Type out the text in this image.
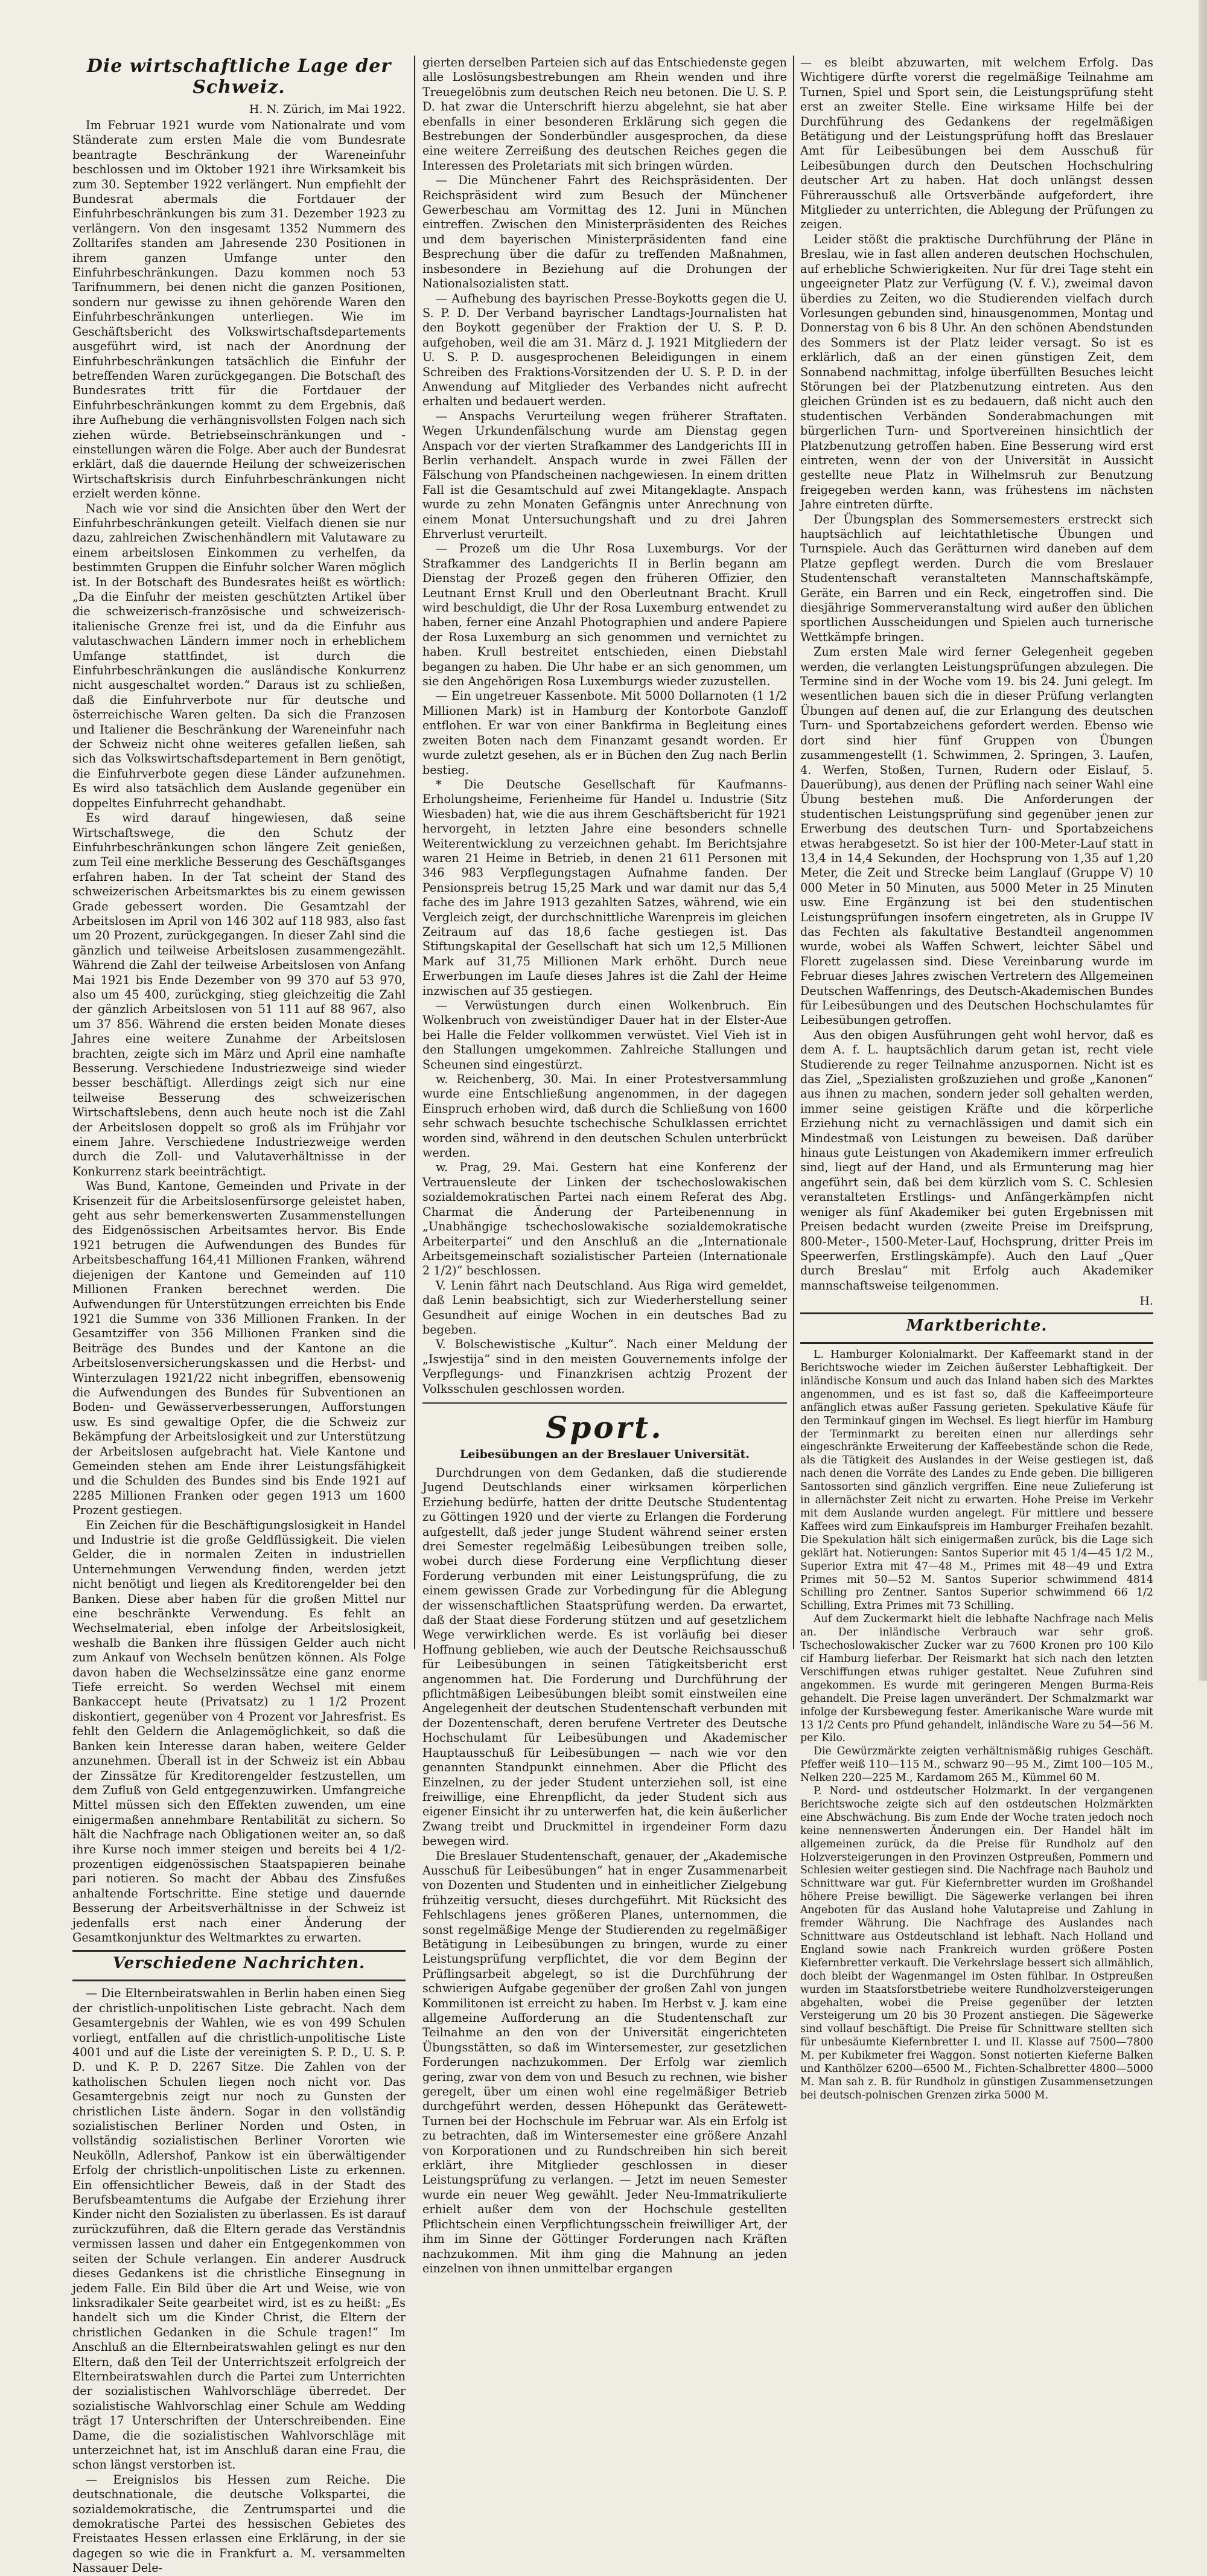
Die wirtschaftliche Lage der Schweiz.
H. N. Zürich, im Mai 1922.

Im Februar 1921 wurde vom Nationalrate und vom Ständerate zum ersten Male die vom Bundesrate beantragte Beschränkung der Wareneinfuhr beschlossen und im Oktober 1921 ihre Wirksamkeit bis zum 30. September 1922 verlängert. Nun empfiehlt der Bundesrat abermals die Fortdauer der Einfuhrbeschränkungen bis zum 31. Dezember 1923 zu verlängern. Von den insgesamt 1352 Nummern des Zolltarifes standen am Jahresende 230 Positionen in ihrem ganzen Umfange unter den Einfuhrbeschränkungen. Dazu kommen noch 53 Tarifnummern, bei denen nicht die ganzen Positionen, sondern nur gewisse zu ihnen gehörende Waren den Einfuhrbeschränkungen unterliegen. Wie im Geschäftsbericht des Volkswirtschaftsdepartements ausgeführt wird, ist nach der Anordnung der Einfuhrbeschränkungen tatsächlich die Einfuhr der betreffenden Waren zurückgegangen. Die Botschaft des Bundesrates tritt für die Fortdauer der Einfuhrbeschränkungen kommt zu dem Ergebnis, daß ihre Aufhebung die verhängnisvollsten Folgen nach sich ziehen würde. Betriebseinschränkungen und -einstellungen wären die Folge. Aber auch der Bundesrat erklärt, daß die dauernde Heilung der schweizerischen Wirtschaftskrisis durch Einfuhrbeschränkungen nicht erzielt werden könne.

Nach wie vor sind die Ansichten über den Wert der Einfuhrbeschränkungen geteilt. Vielfach dienen sie nur dazu, zahlreichen Zwischenhändlern mit Valutaware zu einem arbeitslosen Einkommen zu verhelfen, da bestimmten Gruppen die Einfuhr solcher Waren möglich ist. In der Botschaft des Bundesrates heißt es wörtlich: „Da die Einfuhr der meisten geschützten Artikel über die schweizerisch-französische und schweizerisch-italienische Grenze frei ist, und da die Einfuhr aus valutaschwachen Ländern immer noch in erheblichem Umfange stattfindet, ist durch die Einfuhrbeschränkungen die ausländische Konkurrenz nicht ausgeschaltet worden.“ Daraus ist zu schließen, daß die Einfuhrverbote nur für deutsche und österreichische Waren gelten. Da sich die Franzosen und Italiener die Beschränkung der Wareneinfuhr nach der Schweiz nicht ohne weiteres gefallen ließen, sah sich das Volkswirtschaftsdepartement in Bern genötigt, die Einfuhrverbote gegen diese Länder aufzunehmen. Es wird also tatsächlich dem Auslande gegenüber ein doppeltes Einfuhrrecht gehandhabt.

Es wird darauf hingewiesen, daß seine Wirtschaftswege, die den Schutz der Einfuhrbeschränkungen schon längere Zeit genießen, zum Teil eine merkliche Besserung des Geschäftsganges erfahren haben. In der Tat scheint der Stand des schweizerischen Arbeitsmarktes bis zu einem gewissen Grade gebessert worden. Die Gesamtzahl der Arbeitslosen im April von 146 302 auf 118 983, also fast um 20 Prozent, zurückgegangen. In dieser Zahl sind die gänzlich und teilweise Arbeitslosen zusammengezählt. Während die Zahl der teilweise Arbeitslosen von Anfang Mai 1921 bis Ende Dezember von 99 370 auf 53 970, also um 45 400, zurückging, stieg gleichzeitig die Zahl der gänzlich Arbeitslosen von 51 111 auf 88 967, also um 37 856. Während die ersten beiden Monate dieses Jahres eine weitere Zunahme der Arbeitslosen brachten, zeigte sich im März und April eine namhafte Besserung. Verschiedene Industriezweige sind wieder besser beschäftigt. Allerdings zeigt sich nur eine teilweise Besserung des schweizerischen Wirtschaftslebens, denn auch heute noch ist die Zahl der Arbeitslosen doppelt so groß als im Frühjahr vor einem Jahre. Verschiedene Industriezweige werden durch die Zoll- und Valutaverhältnisse in der Konkurrenz stark beeinträchtigt.

Was Bund, Kantone, Gemeinden und Private in der Krisenzeit für die Arbeitslosenfürsorge geleistet haben, geht aus sehr bemerkenswerten Zusammenstellungen des Eidgenössischen Arbeitsamtes hervor. Bis Ende 1921 betrugen die Aufwendungen des Bundes für Arbeitsbeschaffung 164,41 Millionen Franken, während diejenigen der Kantone und Gemeinden auf 110 Millionen Franken berechnet werden. Die Aufwendungen für Unterstützungen erreichten bis Ende 1921 die Summe von 336 Millionen Franken. In der Gesamtziffer von 356 Millionen Franken sind die Beiträge des Bundes und der Kantone an die Arbeitslosenversicherungskassen und die Herbst- und Winterzulagen 1921/22 nicht inbegriffen, ebensowenig die Aufwendungen des Bundes für Subventionen an Boden- und Gewässerverbesserungen, Aufforstungen usw. Es sind gewaltige Opfer, die die Schweiz zur Bekämpfung der Arbeitslosigkeit und zur Unterstützung der Arbeitslosen aufgebracht hat. Viele Kantone und Gemeinden stehen am Ende ihrer Leistungsfähigkeit und die Schulden des Bundes sind bis Ende 1921 auf 2285 Millionen Franken oder gegen 1913 um 1600 Prozent gestiegen.

Ein Zeichen für die Beschäftigungslosigkeit in Handel und Industrie ist die große Geldflüssigkeit. Die vielen Gelder, die in normalen Zeiten in industriellen Unternehmungen Verwendung finden, werden jetzt nicht benötigt und liegen als Kreditorengelder bei den Banken. Diese aber haben für die großen Mittel nur eine beschränkte Verwendung. Es fehlt an Wechselmaterial, eben infolge der Arbeitslosigkeit, weshalb die Banken ihre flüssigen Gelder auch nicht zum Ankauf von Wechseln benützen können. Als Folge davon haben die Wechselzinssätze eine ganz enorme Tiefe erreicht. So werden Wechsel mit einem Bankaccept heute (Privatsatz) zu 1 1/2 Prozent diskontiert, gegenüber von 4 Prozent vor Jahresfrist. Es fehlt den Geldern die Anlagemöglichkeit, so daß die Banken kein Interesse daran haben, weitere Gelder anzunehmen. Überall ist in der Schweiz ist ein Abbau der Zinssätze für Kreditorengelder festzustellen, um dem Zufluß von Geld entgegenzuwirken. Umfangreiche Mittel müssen sich den Effekten zuwenden, um eine einigermaßen annehmbare Rentabilität zu sichern. So hält die Nachfrage nach Obligationen weiter an, so daß ihre Kurse noch immer steigen und bereits bei 4 1/2-prozentigen eidgenössischen Staatspapieren beinahe pari notieren. So macht der Abbau des Zinsfußes anhaltende Fortschritte. Eine stetige und dauernde Besserung der Arbeitsverhältnisse in der Schweiz ist jedenfalls erst nach einer Änderung der Gesamtkonjunktur des Weltmarktes zu erwarten.

Verschiedene Nachrichten.

— Die Elternbeiratswahlen in Berlin haben einen Sieg der christlich-unpolitischen Liste gebracht. Nach dem Gesamtergebnis der Wahlen, wie es von 499 Schulen vorliegt, entfallen auf die christlich-unpolitische Liste 4001 und auf die Liste der vereinigten S. P. D., U. S. P. D. und K. P. D. 2267 Sitze. Die Zahlen von der katholischen Schulen liegen noch nicht vor. Das Gesamtergebnis zeigt nur noch zu Gunsten der christlichen Liste ändern. Sogar in den vollständig sozialistischen Berliner Norden und Osten, in vollständig sozialistischen Berliner Vororten wie Neukölln, Adlershof, Pankow ist ein überwältigender Erfolg der christlich-unpolitischen Liste zu erkennen. Ein offensichtlicher Beweis, daß in der Stadt des Berufsbeamtentums die Aufgabe der Erziehung ihrer Kinder nicht den Sozialisten zu überlassen. Es ist darauf zurückzuführen, daß die Eltern gerade das Verständnis vermissen lassen und daher ein Entgegenkommen von seiten der Schule verlangen. Ein anderer Ausdruck dieses Gedankens ist die christliche Einsegnung in jedem Falle. Ein Bild über die Art und Weise, wie von linksradikaler Seite gearbeitet wird, ist es zu heißt: „Es handelt sich um die Kinder Christ, die Eltern der christlichen Gedanken in die Schule tragen!“ Im Anschluß an die Elternbeiratswahlen gelingt es nur den Eltern, daß den Teil der Unterrichtszeit erfolgreich der Elternbeiratswahlen durch die Partei zum Unterrichten der sozialistischen Wahlvorschläge überredet. Der sozialistische Wahlvorschlag einer Schule am Wedding trägt 17 Unterschriften der Unterschreibenden. Eine Dame, die die sozialistischen Wahlvorschläge mit unterzeichnet hat, ist im Anschluß daran eine Frau, die schon längst verstorben ist.

— Ereignislos bis Hessen zum Reiche. Die deutschnationale, die deutsche Volkspartei, die sozialdemokratische, die Zentrumspartei und die demokratische Partei des hessischen Gebietes des Freistaates Hessen erlassen eine Erklärung, in der sie dagegen so wie die in Frankfurt a. M. versammelten Nassauer Dele-

gierten derselben Parteien sich auf das Entschiedenste gegen alle Loslösungsbestrebungen am Rhein wenden und ihre Treuegelöbnis zum deutschen Reich neu betonen. Die U. S. P. D. hat zwar die Unterschrift hierzu abgelehnt, sie hat aber ebenfalls in einer besonderen Erklärung sich gegen die Bestrebungen der Sonderbündler ausgesprochen, da diese eine weitere Zerreißung des deutschen Reiches gegen die Interessen des Proletariats mit sich bringen würden.

— Die Münchener Fahrt des Reichspräsidenten. Der Reichspräsident wird zum Besuch der Münchener Gewerbeschau am Vormittag des 12. Juni in München eintreffen. Zwischen den Ministerpräsidenten des Reiches und dem bayerischen Ministerpräsidenten fand eine Besprechung über die dafür zu treffenden Maßnahmen, insbesondere in Beziehung auf die Drohungen der Nationalsozialisten statt.

— Aufhebung des bayrischen Presse-Boykotts gegen die U. S. P. D. Der Verband bayrischer Landtags-Journalisten hat den Boykott gegenüber der Fraktion der U. S. P. D. aufgehoben, weil die am 31. März d. J. 1921 Mitgliedern der U. S. P. D. ausgesprochenen Beleidigungen in einem Schreiben des Fraktions-Vorsitzenden der U. S. P. D. in der Anwendung auf Mitglieder des Verbandes nicht aufrecht erhalten und bedauert werden.

— Anspachs Verurteilung wegen früherer Straftaten. Wegen Urkundenfälschung wurde am Dienstag gegen Anspach vor der vierten Strafkammer des Landgerichts III in Berlin verhandelt. Anspach wurde in zwei Fällen der Fälschung von Pfandscheinen nachgewiesen. In einem dritten Fall ist die Gesamtschuld auf zwei Mitangeklagte. Anspach wurde zu zehn Monaten Gefängnis unter Anrechnung von einem Monat Untersuchungshaft und zu drei Jahren Ehrverlust verurteilt.

— Prozeß um die Uhr Rosa Luxemburgs. Vor der Strafkammer des Landgerichts II in Berlin begann am Dienstag der Prozeß gegen den früheren Offizier, den Leutnant Ernst Krull und den Oberleutnant Bracht. Krull wird beschuldigt, die Uhr der Rosa Luxemburg entwendet zu haben, ferner eine Anzahl Photographien und andere Papiere der Rosa Luxemburg an sich genommen und vernichtet zu haben. Krull bestreitet entschieden, einen Diebstahl begangen zu haben. Die Uhr habe er an sich genommen, um sie den Angehörigen Rosa Luxemburgs wieder zuzustellen.

— Ein ungetreuer Kassenbote. Mit 5000 Dollarnoten (1 1/2 Millionen Mark) ist in Hamburg der Kontorbote Ganzloff entflohen. Er war von einer Bankfirma in Begleitung eines zweiten Boten nach dem Finanzamt gesandt worden. Er wurde zuletzt gesehen, als er in Büchen den Zug nach Berlin bestieg.

* Die Deutsche Gesellschaft für Kaufmanns-Erholungsheime, Ferienheime für Handel u. Industrie (Sitz Wiesbaden) hat, wie die aus ihrem Geschäftsbericht für 1921 hervorgeht, in letzten Jahre eine besonders schnelle Weiterentwicklung zu verzeichnen gehabt. Im Berichtsjahre waren 21 Heime in Betrieb, in denen 21 611 Personen mit 346 983 Verpflegungstagen Aufnahme fanden. Der Pensionspreis betrug 15,25 Mark und war damit nur das 5,4 fache des im Jahre 1913 gezahlten Satzes, während, wie ein Vergleich zeigt, der durchschnittliche Warenpreis im gleichen Zeitraum auf das 18,6 fache gestiegen ist. Das Stiftungskapital der Gesellschaft hat sich um 12,5 Millionen Mark auf 31,75 Millionen Mark erhöht. Durch neue Erwerbungen im Laufe dieses Jahres ist die Zahl der Heime inzwischen auf 35 gestiegen.

— Verwüstungen durch einen Wolkenbruch. Ein Wolkenbruch von zweistündiger Dauer hat in der Elster-Aue bei Halle die Felder vollkommen verwüstet. Viel Vieh ist in den Stallungen umgekommen. Zahlreiche Stallungen und Scheunen sind eingestürzt.

w. Reichenberg, 30. Mai. In einer Protestversammlung wurde eine Entschließung angenommen, in der dagegen Einspruch erhoben wird, daß durch die Schließung von 1600 sehr schwach besuchte tschechische Schulklassen errichtet worden sind, während in den deutschen Schulen unterbrückt werden.

w. Prag, 29. Mai. Gestern hat eine Konferenz der Vertrauensleute der Linken der tschechoslowakischen sozialdemokratischen Partei nach einem Referat des Abg. Charmat die Änderung der Parteibenennung in „Unabhängige tschechoslowakische sozialdemokratische Arbeiterpartei“ und den Anschluß an die „Internationale Arbeitsgemeinschaft sozialistischer Parteien (Internationale 2 1/2)“ beschlossen.

V. Lenin fährt nach Deutschland. Aus Riga wird gemeldet, daß Lenin beabsichtigt, sich zur Wiederherstellung seiner Gesundheit auf einige Wochen in ein deutsches Bad zu begeben.

V. Bolschewistische „Kultur“. Nach einer Meldung der „Iswjestija“ sind in den meisten Gouvernements infolge der Verpflegungs- und Finanzkrisen achtzig Prozent der Volksschulen geschlossen worden.

Sport.
Leibesübungen an der Breslauer Universität.

Durchdrungen von dem Gedanken, daß die studierende Jugend Deutschlands einer wirksamen körperlichen Erziehung bedürfe, hatten der dritte Deutsche Studententag zu Göttingen 1920 und der vierte zu Erlangen die Forderung aufgestellt, daß jeder junge Student während seiner ersten drei Semester regelmäßig Leibesübungen treiben solle, wobei durch diese Forderung eine Verpflichtung dieser Forderung verbunden mit einer Leistungsprüfung, die zu einem gewissen Grade zur Vorbedingung für die Ablegung der wissenschaftlichen Staatsprüfung werden. Da erwartet, daß der Staat diese Forderung stützen und auf gesetzlichem Wege verwirklichen werde. Es ist vorläufig bei dieser Hoffnung geblieben, wie auch der Deutsche Reichsausschuß für Leibesübungen in seinen Tätigkeitsbericht erst angenommen hat. Die Forderung und Durchführung der pflichtmäßigen Leibesübungen bleibt somit einstweilen eine Angelegenheit der deutschen Studentenschaft verbunden mit der Dozentenschaft, deren berufene Vertreter des Deutsche Hochschulamt für Leibesübungen und Akademischer Hauptausschuß für Leibesübungen — nach wie vor den genannten Standpunkt einnehmen. Aber die Pflicht des Einzelnen, zu der jeder Student unterziehen soll, ist eine freiwillige, eine Ehrenpflicht, da jeder Student sich aus eigener Einsicht ihr zu unterwerfen hat, die kein äußerlicher Zwang treibt und Druckmittel in irgendeiner Form dazu bewegen wird.

Die Breslauer Studentenschaft, genauer, der „Akademische Ausschuß für Leibesübungen“ hat in enger Zusammenarbeit von Dozenten und Studenten und in einheitlicher Zielgebung frühzeitig versucht, dieses durchgeführt. Mit Rücksicht des Fehlschlagens jenes größeren Planes, unternommen, die sonst regelmäßige Menge der Studierenden zu regelmäßiger Betätigung in Leibesübungen zu bringen, wurde zu einer Leistungsprüfung verpflichtet, die vor dem Beginn der Prüflingsarbeit abgelegt, so ist die Durchführung der schwierigen Aufgabe gegenüber der großen Zahl von jungen Kommilitonen ist erreicht zu haben. Im Herbst v. J. kam eine allgemeine Aufforderung an die Studentenschaft zur Teilnahme an den von der Universität eingerichteten Übungsstätten, so daß im Wintersemester, zur gesetzlichen Forderungen nachzukommen. Der Erfolg war ziemlich gering, zwar von dem von und Besuch zu rechnen, wie bisher geregelt, über um einen wohl eine regelmäßiger Betrieb durchgeführt werden, dessen Höhepunkt das Gerätewett-Turnen bei der Hochschule im Februar war. Als ein Erfolg ist zu betrachten, daß im Wintersemester eine größere Anzahl von Korporationen und zu Rundschreiben hin sich bereit erklärt, ihre Mitglieder geschlossen in dieser Leistungsprüfung zu verlangen. — Jetzt im neuen Semester wurde ein neuer Weg gewählt. Jeder Neu-Immatrikulierte erhielt außer dem von der Hochschule gestellten Pflichtschein einen Verpflichtungsschein freiwilliger Art, der ihm im Sinne der Göttinger Forderungen nach Kräften nachzukommen. Mit ihm ging die Mahnung an jeden einzelnen von ihnen unmittelbar ergangen

— es bleibt abzuwarten, mit welchem Erfolg. Das Wichtigere dürfte vorerst die regelmäßige Teilnahme am Turnen, Spiel und Sport sein, die Leistungsprüfung steht erst an zweiter Stelle. Eine wirksame Hilfe bei der Durchführung des Gedankens der regelmäßigen Betätigung und der Leistungsprüfung hofft das Breslauer Amt für Leibesübungen bei dem Ausschuß für Leibesübungen durch den Deutschen Hochschulring deutscher Art zu haben. Hat doch unlängst dessen Führerausschuß alle Ortsverbände aufgefordert, ihre Mitglieder zu unterrichten, die Ablegung der Prüfungen zu zeigen.

Leider stößt die praktische Durchführung der Pläne in Breslau, wie in fast allen anderen deutschen Hochschulen, auf erhebliche Schwierigkeiten. Nur für drei Tage steht ein ungeeigneter Platz zur Verfügung (V. f. V.), zweimal davon überdies zu Zeiten, wo die Studierenden vielfach durch Vorlesungen gebunden sind, hinausgenommen, Montag und Donnerstag von 6 bis 8 Uhr. An den schönen Abendstunden des Sommers ist der Platz leider versagt. So ist es erklärlich, daß an der einen günstigen Zeit, dem Sonnabend nachmittag, infolge überfüllten Besuches leicht Störungen bei der Platzbenutzung eintreten. Aus den gleichen Gründen ist es zu bedauern, daß nicht auch den studentischen Verbänden Sonderabmachungen mit bürgerlichen Turn- und Sportvereinen hinsichtlich der Platzbenutzung getroffen haben. Eine Besserung wird erst eintreten, wenn der von der Universität in Aussicht gestellte neue Platz in Wilhelmsruh zur Benutzung freigegeben werden kann, was frühestens im nächsten Jahre eintreten dürfte.

Der Übungsplan des Sommersemesters erstreckt sich hauptsächlich auf leichtathletische Übungen und Turnspiele. Auch das Gerätturnen wird daneben auf dem Platze gepflegt werden. Durch die vom Breslauer Studentenschaft veranstalteten Mannschaftskämpfe, Geräte, ein Barren und ein Reck, eingetroffen sind. Die diesjährige Sommerveranstaltung wird außer den üblichen sportlichen Ausscheidungen und Spielen auch turnerische Wettkämpfe bringen.

Zum ersten Male wird ferner Gelegenheit gegeben werden, die verlangten Leistungsprüfungen abzulegen. Die Termine sind in der Woche vom 19. bis 24. Juni gelegt. Im wesentlichen bauen sich die in dieser Prüfung verlangten Übungen auf denen auf, die zur Erlangung des deutschen Turn- und Sportabzeichens gefordert werden. Ebenso wie dort sind hier fünf Gruppen von Übungen zusammengestellt (1. Schwimmen, 2. Springen, 3. Laufen, 4. Werfen, Stoßen, Turnen, Rudern oder Eislauf, 5. Dauerübung), aus denen der Prüfling nach seiner Wahl eine Übung bestehen muß. Die Anforderungen der studentischen Leistungsprüfung sind gegenüber jenen zur Erwerbung des deutschen Turn- und Sportabzeichens etwas herabgesetzt. So ist hier der 100-Meter-Lauf statt in 13,4 in 14,4 Sekunden, der Hochsprung von 1,35 auf 1,20 Meter, die Zeit und Strecke beim Langlauf (Gruppe V) 10 000 Meter in 50 Minuten, aus 5000 Meter in 25 Minuten usw. Eine Ergänzung ist bei den studentischen Leistungsprüfungen insofern eingetreten, als in Gruppe IV das Fechten als fakultative Bestandteil angenommen wurde, wobei als Waffen Schwert, leichter Säbel und Florett zugelassen sind. Diese Vereinbarung wurde im Februar dieses Jahres zwischen Vertretern des Allgemeinen Deutschen Waffenrings, des Deutsch-Akademischen Bundes für Leibesübungen und des Deutschen Hochschulamtes für Leibesübungen getroffen.

Aus den obigen Ausführungen geht wohl hervor, daß es dem A. f. L. hauptsächlich darum getan ist, recht viele Studierende zu reger Teilnahme anzuspornen. Nicht ist es das Ziel, „Spezialisten großzuziehen und große „Kanonen“ aus ihnen zu machen, sondern jeder soll gehalten werden, immer seine geistigen Kräfte und die körperliche Erziehung nicht zu vernachlässigen und damit sich ein Mindestmaß von Leistungen zu beweisen. Daß darüber hinaus gute Leistungen von Akademikern immer erfreulich sind, liegt auf der Hand, und als Ermunterung mag hier angeführt sein, daß bei dem kürzlich vom S. C. Schlesien veranstalteten Erstlings- und Anfängerkämpfen nicht weniger als fünf Akademiker bei guten Ergebnissen mit Preisen bedacht wurden (zweite Preise im Dreifsprung, 800-Meter-, 1500-Meter-Lauf, Hochsprung, dritter Preis im Speerwerfen, Erstlingskämpfe). Auch den Lauf „Quer durch Breslau“ mit Erfolg auch Akademiker mannschaftsweise teilgenommen.

H.
Marktberichte.

L. Hamburger Kolonialmarkt. Der Kaffeemarkt stand in der Berichtswoche wieder im Zeichen äußerster Lebhaftigkeit. Der inländische Konsum und auch das Inland haben sich des Marktes angenommen, und es ist fast so, daß die Kaffeeimporteure anfänglich etwas außer Fassung gerieten. Spekulative Käufe für den Terminkauf gingen im Wechsel. Es liegt hierfür im Hamburg der Terminmarkt zu bereiten einen nur allerdings sehr eingeschränkte Erweiterung der Kaffeebestände schon die Rede, als die Tätigkeit des Auslandes in der Weise gestiegen ist, daß nach denen die Vorräte des Landes zu Ende geben. Die billigeren Santossorten sind gänzlich vergriffen. Eine neue Zulieferung ist in allernächster Zeit nicht zu erwarten. Hohe Preise im Verkehr mit dem Auslande wurden angelegt. Für mittlere und bessere Kaffees wird zum Einkaufspreis im Hamburger Freihafen bezahlt. Die Spekulation hält sich einigermaßen zurück, bis die Lage sich geklärt hat. Notierungen: Santos Superior mit 45 1/4—45 1/2 M., Superior Extra mit 47—48 M., Primes mit 48—49 und Extra Primes mit 50—52 M. Santos Superior schwimmend 4814 Schilling pro Zentner. Santos Superior schwimmend 66 1/2 Schilling, Extra Primes mit 73 Schilling.

Auf dem Zuckermarkt hielt die lebhafte Nachfrage nach Melis an. Der inländische Verbrauch war sehr groß. Tschechoslowakischer Zucker war zu 7600 Kronen pro 100 Kilo cif Hamburg lieferbar. Der Reismarkt hat sich nach den letzten Verschiffungen etwas ruhiger gestaltet. Neue Zufuhren sind angekommen. Es wurde mit geringeren Mengen Burma-Reis gehandelt. Die Preise lagen unverändert. Der Schmalzmarkt war infolge der Kursbewegung fester. Amerikanische Ware wurde mit 13 1/2 Cents pro Pfund gehandelt, inländische Ware zu 54—56 M. per Kilo.

Die Gewürzmärkte zeigten verhältnismäßig ruhiges Geschäft. Pfeffer weiß 110—115 M., schwarz 90—95 M., Zimt 100—105 M., Nelken 220—225 M., Kardamom 265 M., Kümmel 60 M.

P. Nord- und ostdeutscher Holzmarkt. In der vergangenen Berichtswoche zeigte sich auf den ostdeutschen Holzmärkten eine Abschwächung. Bis zum Ende der Woche traten jedoch noch keine nennenswerten Änderungen ein. Der Handel hält im allgemeinen zurück, da die Preise für Rundholz auf den Holzversteigerungen in den Provinzen Ostpreußen, Pommern und Schlesien weiter gestiegen sind. Die Nachfrage nach Bauholz und Schnittware war gut. Für Kiefernbretter wurden im Großhandel höhere Preise bewilligt. Die Sägewerke verlangen bei ihren Angeboten für das Ausland hohe Valutapreise und Zahlung in fremder Währung. Die Nachfrage des Auslandes nach Schnittware aus Ostdeutschland ist lebhaft. Nach Holland und England sowie nach Frankreich wurden größere Posten Kiefernbretter verkauft. Die Verkehrslage bessert sich allmählich, doch bleibt der Wagenmangel im Osten fühlbar. In Ostpreußen wurden im Staatsforstbetriebe weitere Rundholzversteigerungen abgehalten, wobei die Preise gegenüber der letzten Versteigerung um 20 bis 30 Prozent anstiegen. Die Sägewerke sind vollauf beschäftigt. Die Preise für Schnittware stellten sich für unbesäumte Kiefernbretter I. und II. Klasse auf 7500—7800 M. per Kubikmeter frei Waggon. Sonst notierten Kieferne Balken und Kanthölzer 6200—6500 M., Fichten-Schalbretter 4800—5000 M. Man sah z. B. für Rundholz in günstigen Zusammensetzungen bei deutsch-polnischen Grenzen zirka 5000 M.
